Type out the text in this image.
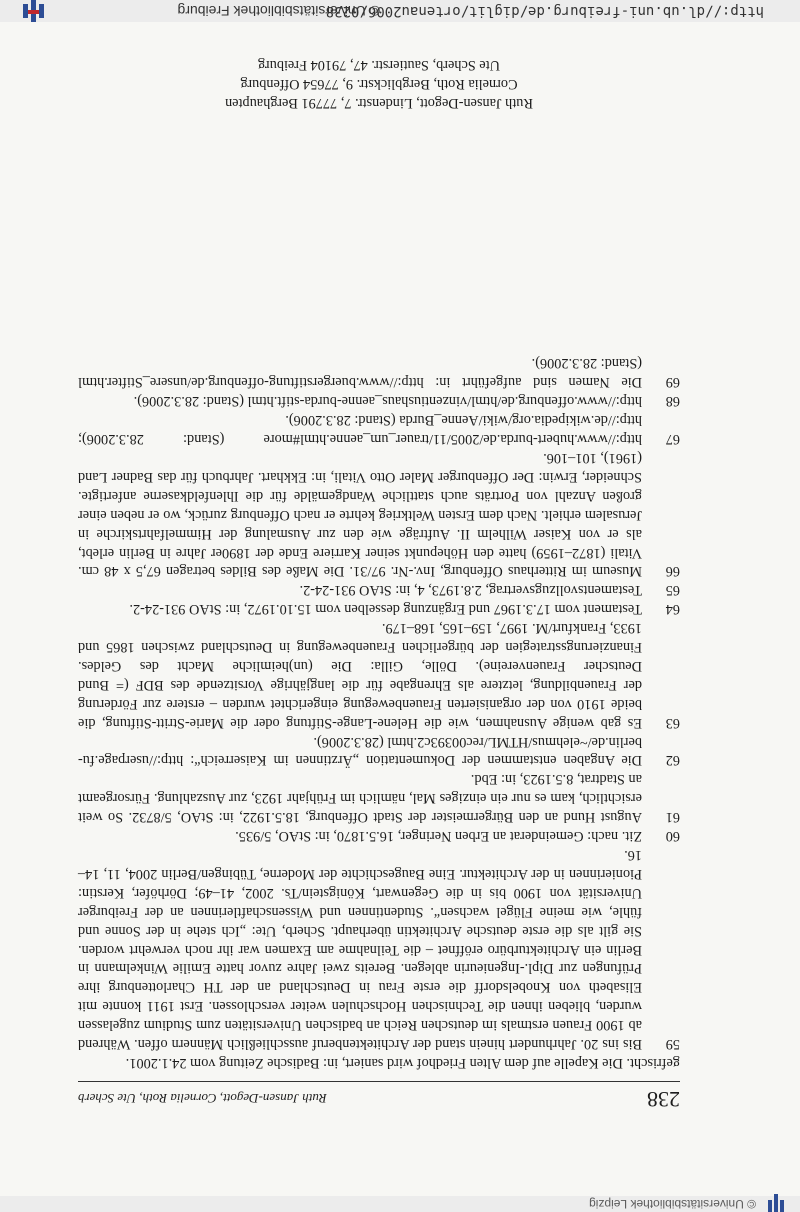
© Universitätsbibliothek Leipzig
238
Ruth Jansen-Degott, Cornelia Roth, Ute Scherb
gefrischt. Die Kapelle auf dem Alten Friedhof wird saniert, in: Badische Zeitung vom 24.1.2001.
59
Bis ins 20. Jahrhundert hinein stand der Architektenberuf ausschließlich Männern offen. Während ab 1900 Frauen erstmals im deutschen Reich an badischen Universitäten zum Studium zugelassen wurden, blieben ihnen die Technischen Hochschulen weiter verschlossen. Erst 1911 konnte mit Elisabeth von Knobelsdorff die erste Frau in Deutschland an der TH Charlottenburg ihre Prüfungen zur Dipl.-Ingenieurin ablegen. Bereits zwei Jahre zuvor hatte Emilie Winkelmann in Berlin ein Architekturbüro eröffnet – die Teilnahme am Examen war ihr noch verwehrt worden. Sie gilt als die erste deutsche Architektin überhaupt. Scherb, Ute: „Ich stehe in der Sonne und fühle, wie meine Flügel wachsen“. Studentinnen und Wissenschaftlerinnen an der Freiburger Universität von 1900 bis in die Gegenwart, Königstein/Ts. 2002, 41–49; Dörhöfer, Kerstin: Pionierinnen in der Architektur. Eine Baugeschichte der Moderne, Tübingen/Berlin 2004, 11, 14–16.
60
Zit. nach: Gemeinderat an Erben Neringer, 16.5.1870, in: StAO, 5/935.
61
August Hund an den Bürgermeister der Stadt Offenburg, 18.5.1922, in: StAO, 5/8732. So weit ersichtlich, kam es nur ein einziges Mal, nämlich im Frühjahr 1923, zur Auszahlung. Fürsorgeamt an Stadtrat, 8.5.1923, in: Ebd.
62
Die Angaben entstammen der Dokumentation „Ärztinnen im Kaiserreich“: http://userpage.fu-berlin.de/~elehmus/HTML/rec00393c2.html (28.3.2006).
63
Es gab wenige Ausnahmen, wie die Helene-Lange-Stiftung oder die Marie-Stritt-Stiftung, die beide 1910 von der organisierten Frauenbewegung eingerichtet wurden – erstere zur Förderung der Frauenbildung, letztere als Ehrengabe für die langjährige Vorsitzende des BDF (= Bund Deutscher Frauenvereine). Dölle, Gilla: Die (un)heimliche Macht des Geldes. Finanzierungsstrategien der bürgerlichen Frauenbewegung in Deutschland zwischen 1865 und 1933, Frankfurt/M. 1997, 159–165, 168–179.
64
Testament vom 17.3.1967 und Ergänzung desselben vom 15.10.1972, in: StAO 931-24-2.
65
Testamentsvollzugsvertrag, 2.8.1973, 4, in: StAO 931-24-2.
66
Museum im Ritterhaus Offenburg, Inv.-Nr. 97/31. Die Maße des Bildes betragen 67,5 x 48 cm. Vitali (1872–1959) hatte den Höhepunkt seiner Karriere Ende der 1890er Jahre in Berlin erlebt, als er von Kaiser Wilhelm II. Aufträge wie den zur Ausmalung der Himmelfahrtskirche in Jerusalem erhielt. Nach dem Ersten Weltkrieg kehrte er nach Offenburg zurück, wo er neben einer großen Anzahl von Porträts auch stattliche Wandgemälde für die Ihlenfeldkaserne anfertigte. Schneider, Erwin: Der Offenburger Maler Otto Vitali, in: Ekkhart. Jahrbuch für das Badner Land (1961), 101–106.
67
http://www.hubert-burda.de/2005/11/trauer_um_aenne.html#more (Stand: 28.3.2006); http://de.wikipedia.org/wiki/Aenne_Burda (Stand: 28.3.2006).
68
http://www.offenburg.de/html/vinzentiushaus_aenne-burda-stift.html (Stand: 28.3.2006).
69
Die Namen sind aufgeführt in: http://www.buergerstiftung-offenburg.de/unsere_Stifter.html (Stand: 28.3.2006).
Ruth Jansen-Degott, Lindenstr. 7, 77791 Berghaupten
Cornelia Roth, Bergblickstr. 9, 77654 Offenburg
Ute Scherb, Sautierstr. 47, 79104 Freiburg
http://dl.ub.uni-freiburg.de/diglit/ortenau2006/0238
© Universitätsbibliothek Freiburg
